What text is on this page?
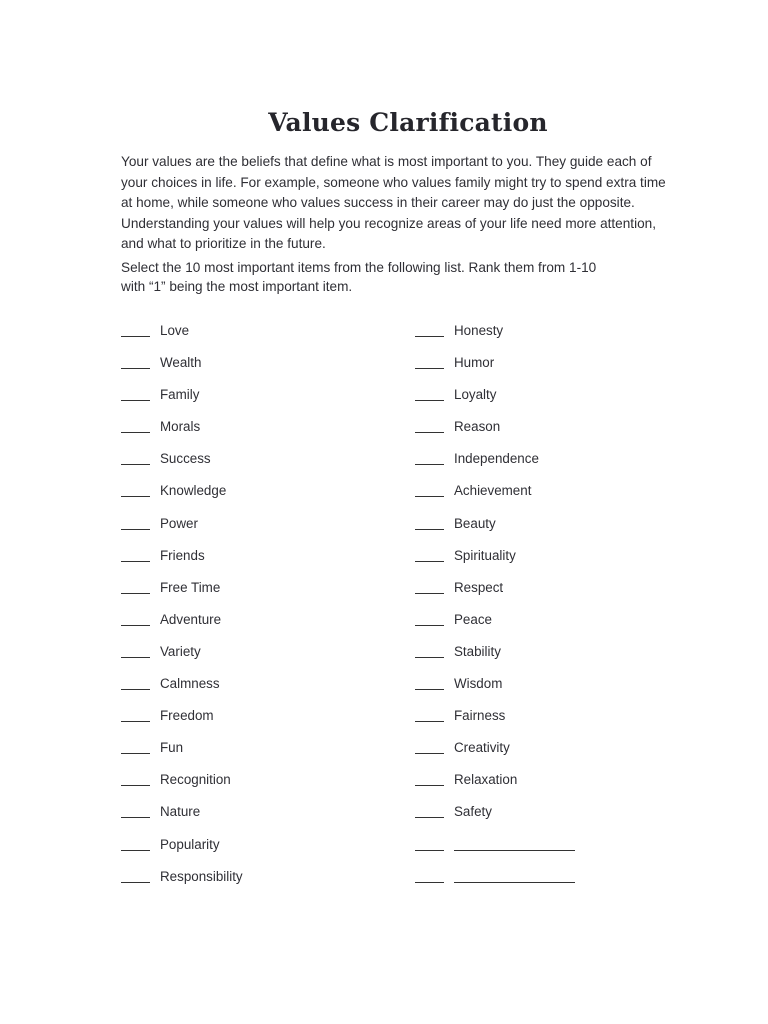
Values Clarification
Your values are the beliefs that define what is most important to you. They guide each of
your choices in life. For example, someone who values family might try to spend extra time
at home, while someone who values success in their career may do just the opposite.
Understanding your values will help you recognize areas of your life need more attention,
and what to prioritize in the future.
Select the 10 most important items from the following list. Rank them from 1-10
with “1” being the most important item.
Love
Wealth
Family
Morals
Success
Knowledge
Power
Friends
Free Time
Adventure
Variety
Calmness
Freedom
Fun
Recognition
Nature
Popularity
Responsibility
Honesty
Humor
Loyalty
Reason
Independence
Achievement
Beauty
Spirituality
Respect
Peace
Stability
Wisdom
Fairness
Creativity
Relaxation
Safety
